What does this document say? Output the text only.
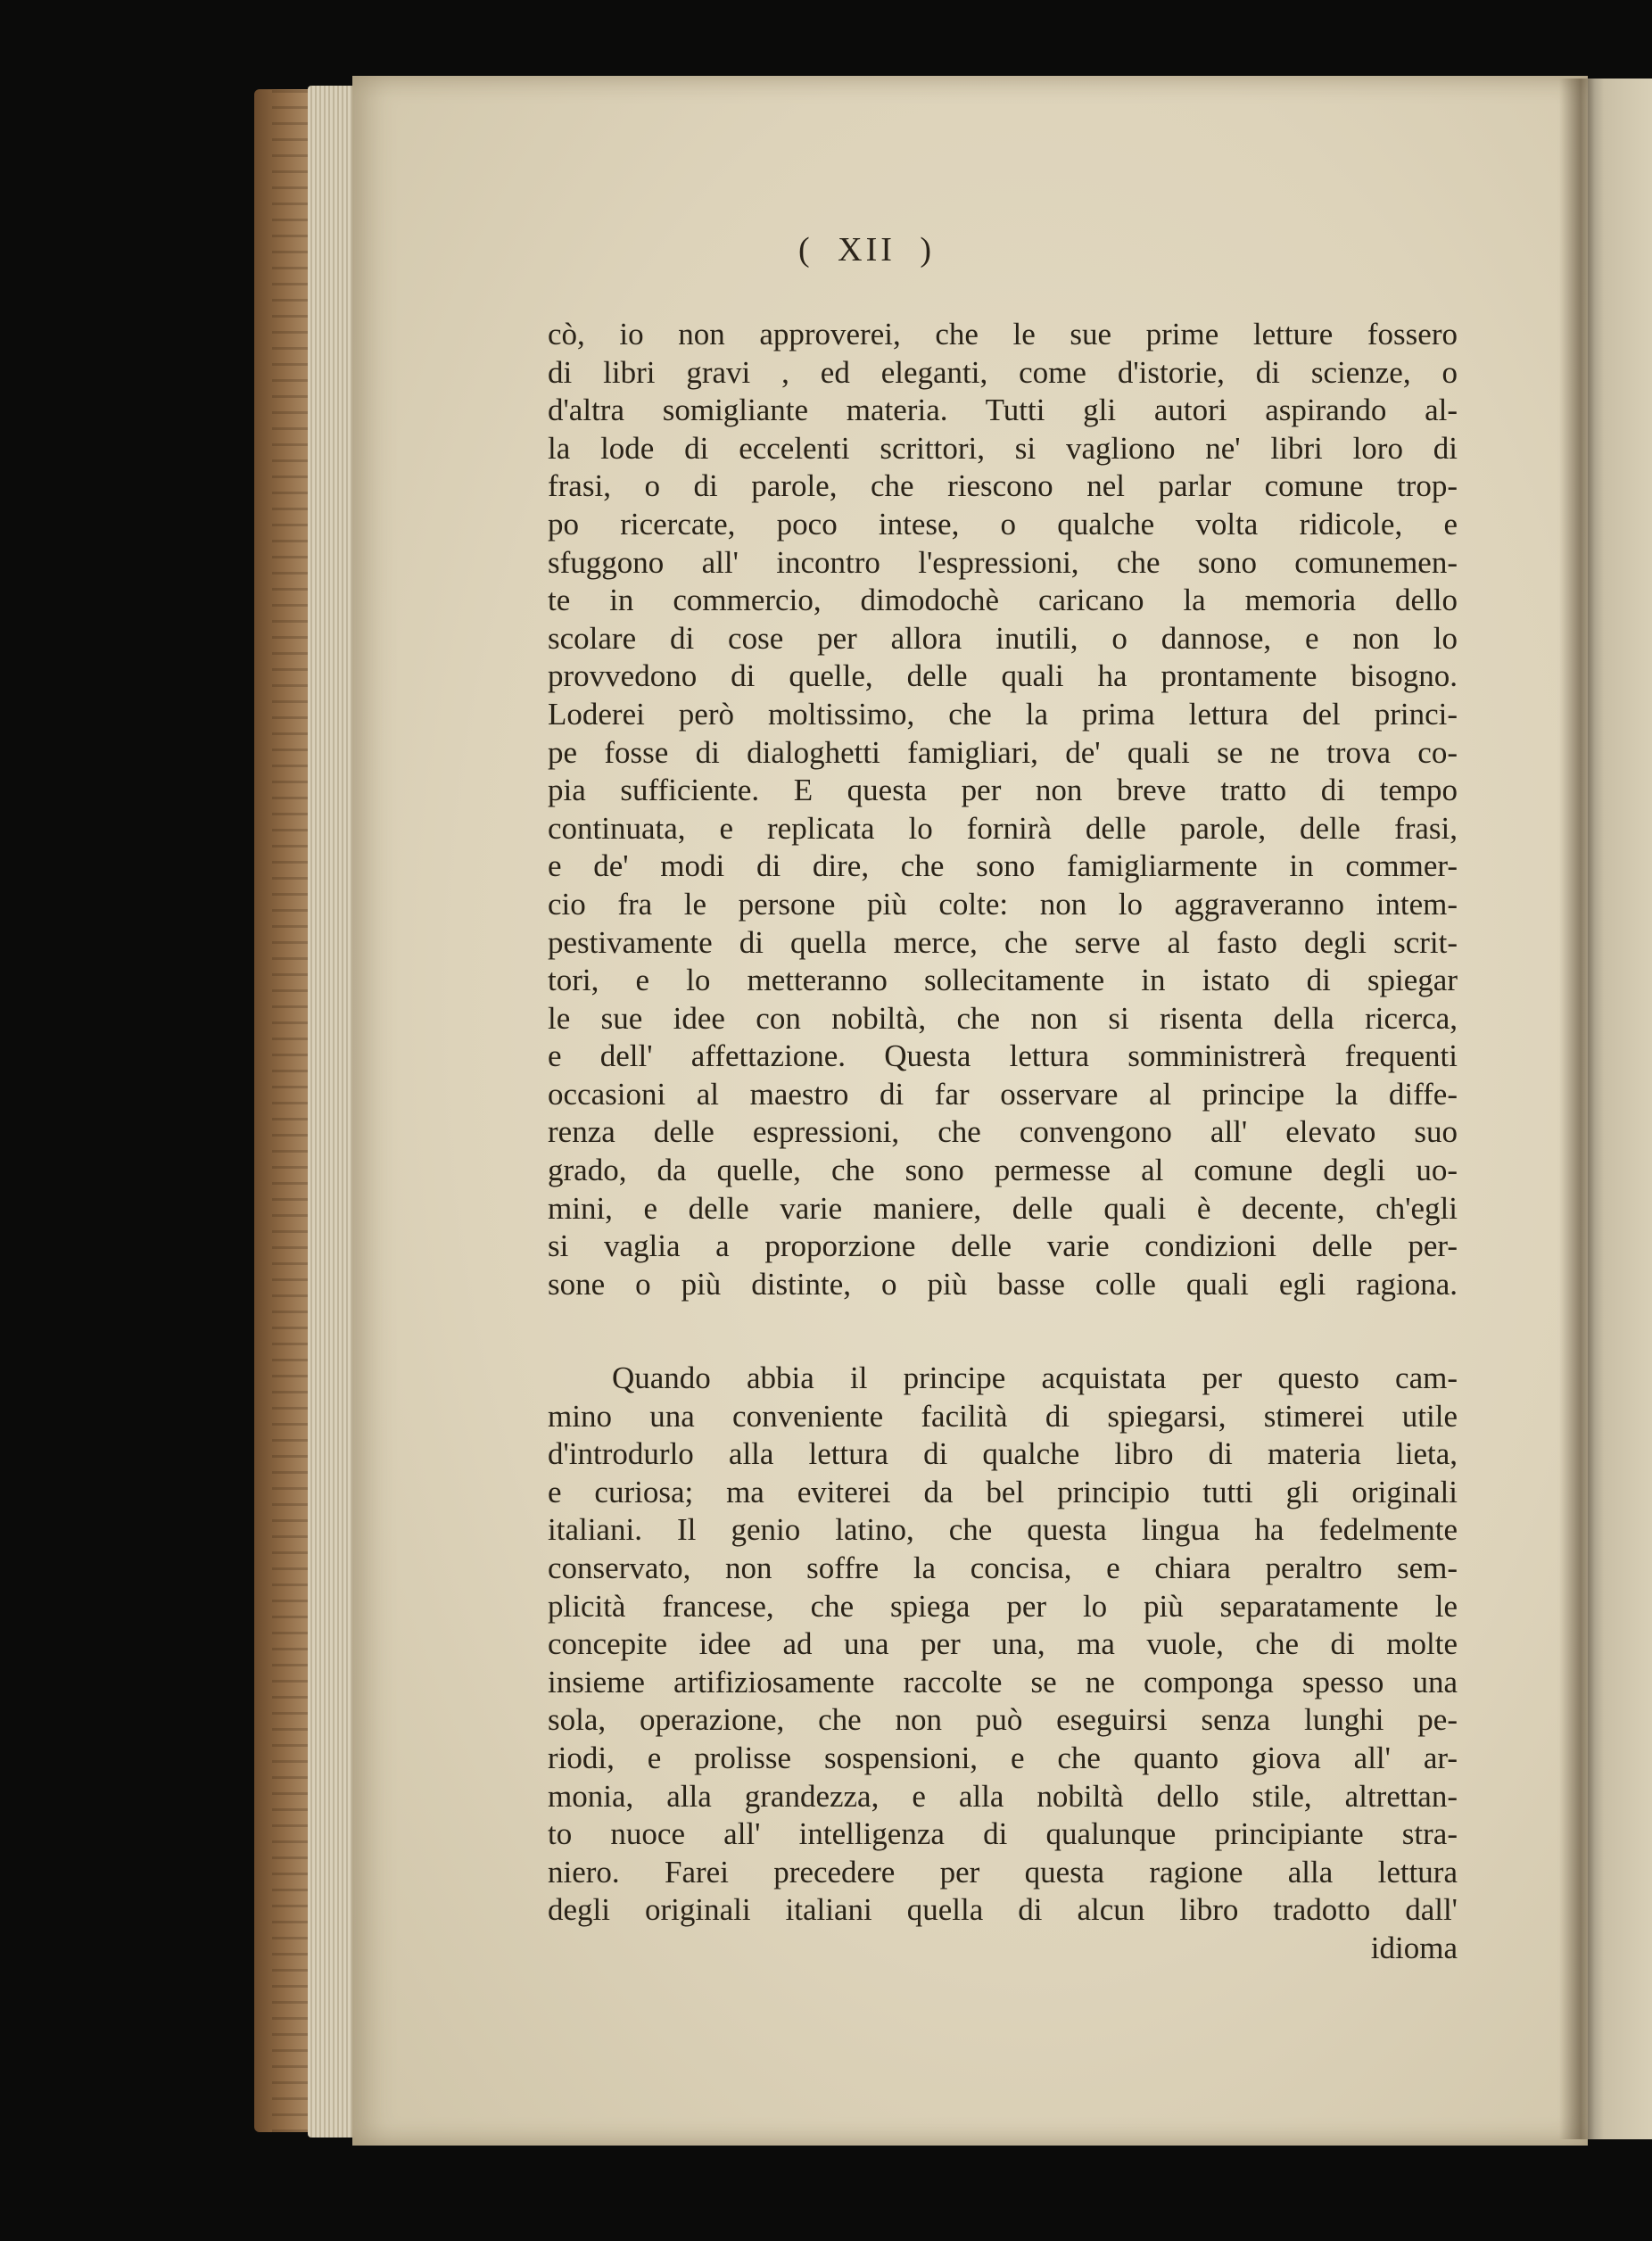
( XII )
cò, io non approverei, che le sue prime letture fossero
di libri gravi , ed eleganti, come d'istorie, di scienze, o
d'altra somigliante materia. Tutti gli autori aspirando al-
la lode di eccelenti scrittori, si vagliono ne' libri loro di
frasi, o di parole, che riescono nel parlar comune trop-
po ricercate, poco intese, o qualche volta ridicole, e
sfuggono all' incontro l'espressioni, che sono comunemen-
te in commercio, dimodochè caricano la memoria dello
scolare di cose per allora inutili, o dannose, e non lo
provvedono di quelle, delle quali ha prontamente bisogno.
Loderei però moltissimo, che la prima lettura del princi-
pe fosse di dialoghetti famigliari, de' quali se ne trova co-
pia sufficiente. E questa per non breve tratto di tempo
continuata, e replicata lo fornirà delle parole, delle frasi,
e de' modi di dire, che sono famigliarmente in commer-
cio fra le persone più colte: non lo aggraveranno intem-
pestivamente di quella merce, che serve al fasto degli scrit-
tori, e lo metteranno sollecitamente in istato di spiegar
le sue idee con nobiltà, che non si risenta della ricerca,
e dell' affettazione. Questa lettura somministrerà frequenti
occasioni al maestro di far osservare al principe la diffe-
renza delle espressioni, che convengono all' elevato suo
grado, da quelle, che sono permesse al comune degli uo-
mini, e delle varie maniere, delle quali è decente, ch'egli
si vaglia a proporzione delle varie condizioni delle per-
sone o più distinte, o più basse colle quali egli ragiona.
Quando abbia il principe acquistata per questo cam-
mino una conveniente facilità di spiegarsi, stimerei utile
d'introdurlo alla lettura di qualche libro di materia lieta,
e curiosa; ma eviterei da bel principio tutti gli originali
italiani. Il genio latino, che questa lingua ha fedelmente
conservato, non soffre la concisa, e chiara peraltro sem-
plicità francese, che spiega per lo più separatamente le
concepite idee ad una per una, ma vuole, che di molte
insieme artifiziosamente raccolte se ne componga spesso una
sola, operazione, che non può eseguirsi senza lunghi pe-
riodi, e prolisse sospensioni, e che quanto giova all' ar-
monia, alla grandezza, e alla nobiltà dello stile, altrettan-
to nuoce all' intelligenza di qualunque principiante stra-
niero. Farei precedere per questa ragione alla lettura
degli originali italiani quella di alcun libro tradotto dall'
idioma
